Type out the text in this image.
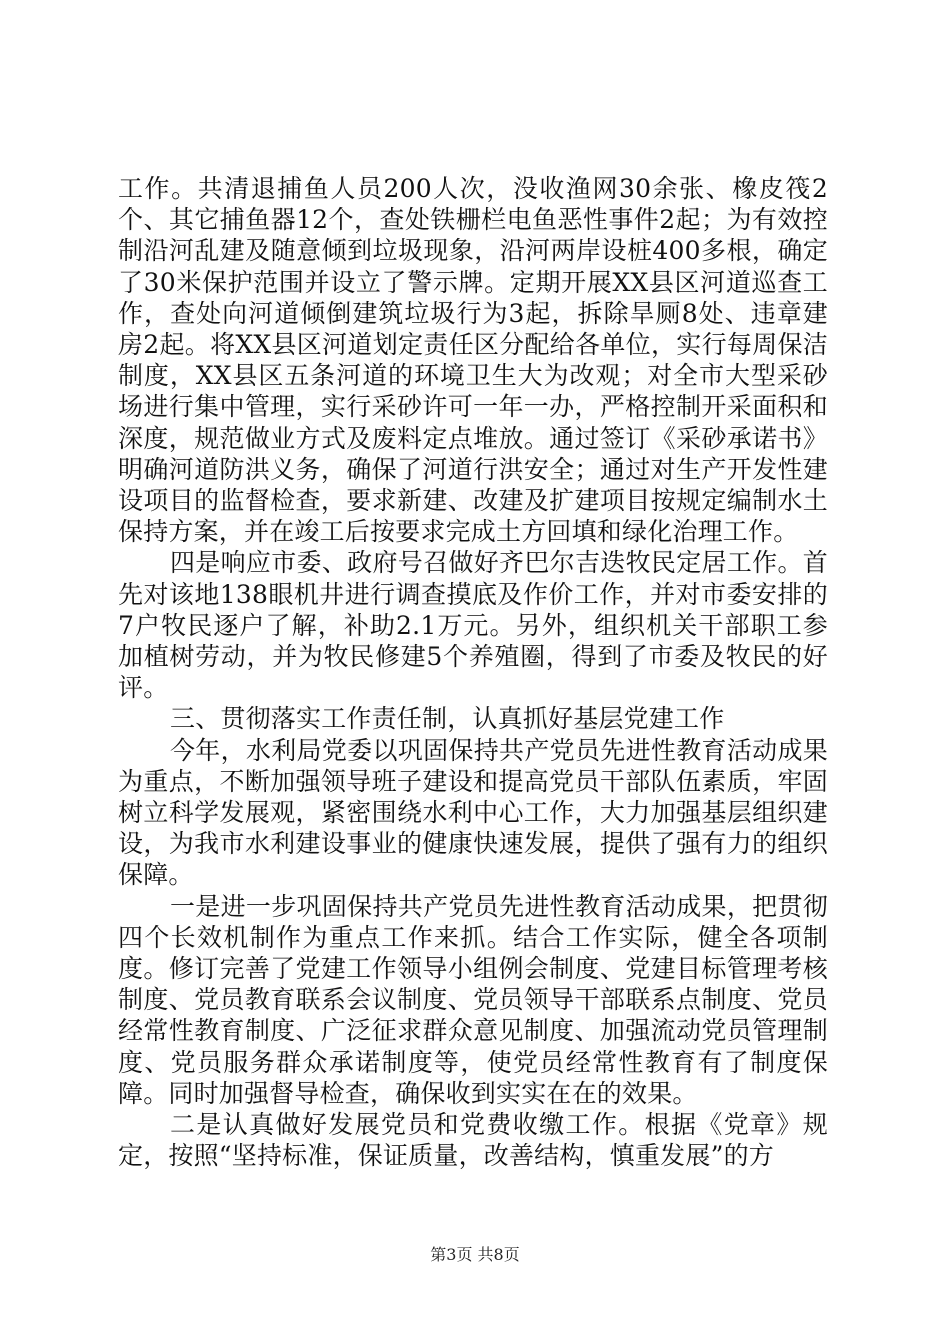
工作。共清退捕鱼人员200人次，没收渔网30余张、橡皮筏2个、其它捕鱼器12个，查处铁栅栏电鱼恶性事件2起；为有效控制沿河乱建及随意倾到垃圾现象，沿河两岸设桩400多根，确定了30米保护范围并设立了警示牌。定期开展XX县区河道巡查工作，查处向河道倾倒建筑垃圾行为3起，拆除旱厕8处、违章建房2起。将XX县区河道划定责任区分配给各单位，实行每周保洁制度，XX县区五条河道的环境卫生大为改观；对全市大型采砂场进行集中管理，实行采砂许可一年一办，严格控制开采面积和深度，规范做业方式及废料定点堆放。通过签订《采砂承诺书》明确河道防洪义务，确保了河道行洪安全；通过对生产开发性建设项目的监督检查，要求新建、改建及扩建项目按规定编制水土保持方案，并在竣工后按要求完成土方回填和绿化治理工作。

四是响应市委、政府号召做好齐巴尔吉迭牧民定居工作。首先对该地138眼机井进行调查摸底及作价工作，并对市委安排的7户牧民逐户了解，补助2.1万元。另外，组织机关干部职工参加植树劳动，并为牧民修建5个养殖圈，得到了市委及牧民的好评。

三、贯彻落实工作责任制，认真抓好基层党建工作

今年，水利局党委以巩固保持共产党员先进性教育活动成果为重点，不断加强领导班子建设和提高党员干部队伍素质，牢固树立科学发展观，紧密围绕水利中心工作，大力加强基层组织建设，为我市水利建设事业的健康快速发展，提供了强有力的组织保障。

一是进一步巩固保持共产党员先进性教育活动成果，把贯彻四个长效机制作为重点工作来抓。结合工作实际，健全各项制度。修订完善了党建工作领导小组例会制度、党建目标管理考核制度、党员教育联系会议制度、党员领导干部联系点制度、党员经常性教育制度、广泛征求群众意见制度、加强流动党员管理制度、党员服务群众承诺制度等，使党员经常性教育有了制度保障。同时加强督导检查，确保收到实实在在的效果。

二是认真做好发展党员和党费收缴工作。根据《党章》规定，按照“坚持标准，保证质量，改善结构，慎重发展”的方

第3页 共8页
